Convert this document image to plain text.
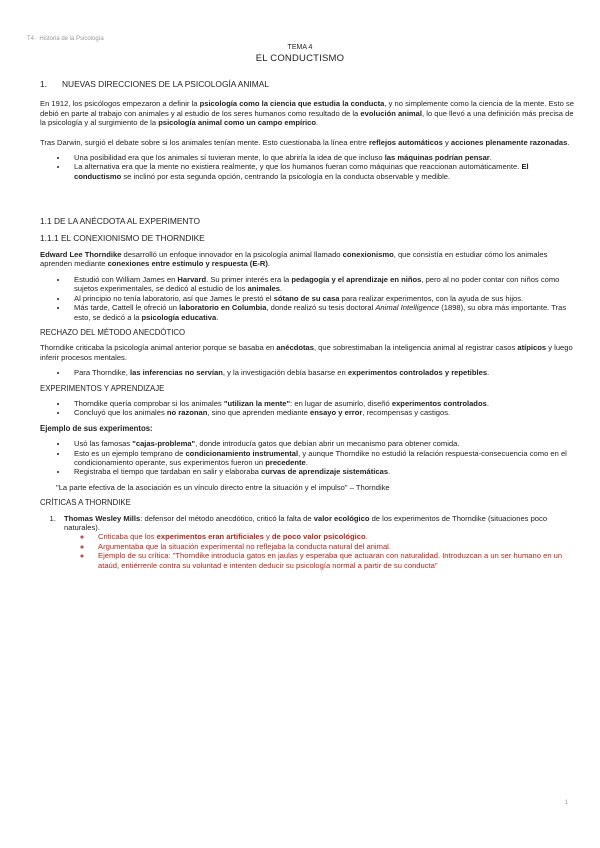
T4 · Historia de la Psicología
TEMA 4
EL CONDUCTISMO
1.	NUEVAS DIRECCIONES DE LA PSICOLOGÍA ANIMAL

En 1912, los psicólogos empezaron a definir la psicología como la ciencia que estudia la conducta, y no simplemente como la ciencia de la mente. Esto se debió en parte al trabajo con animales y al estudio de los seres humanos como resultado de la evolución animal, lo que llevó a una definición más precisa de la psicología y al surgimiento de la psicología animal como un campo empírico.

Tras Darwin, surgió el debate sobre si los animales tenían mente. Esto cuestionaba la línea entre reflejos automáticos y acciones plenamente razonadas.

• Una posibilidad era que los animales sí tuvieran mente, lo que abriría la idea de que incluso las máquinas podrían pensar.
• La alternativa era que la mente no existiera realmente, y que los humanos fueran como máquinas que reaccionan automáticamente. El conductismo se inclinó por esta segunda opción, centrando la psicología en la conducta observable y medible.
1.1 DE LA ANÉCDOTA AL EXPERIMENTO
1.1.1 EL CONEXIONISMO DE THORNDIKE

Edward Lee Thorndike desarrolló un enfoque innovador en la psicología animal llamado conexionismo, que consistía en estudiar cómo los animales aprenden mediante conexiones entre estímulo y respuesta (E-R).

• Estudió con William James en Harvard. Su primer interés era la pedagogía y el aprendizaje en niños, pero al no poder contar con niños como sujetos experimentales, se dedicó al estudio de los animales.
• Al principio no tenía laboratorio, así que James le prestó el sótano de su casa para realizar experimentos, con la ayuda de sus hijos.
• Más tarde, Cattell le ofreció un laboratorio en Columbia, donde realizó su tesis doctoral Animal Intelligence (1898), su obra más importante. Tras esto, se dedicó a la psicología educativa.
RECHAZO DEL MÉTODO ANECDÓTICO

Thorndike criticaba la psicología animal anterior porque se basaba en anécdotas, que sobrestimaban la inteligencia animal al registrar casos atípicos y luego inferir procesos mentales.

• Para Thorndike, las inferencias no servían, y la investigación debía basarse en experimentos controlados y repetibles.
EXPERIMENTOS Y APRENDIZAJE
• Thorndike quería comprobar si los animales "utilizan la mente": en lugar de asumirlo, diseñó experimentos controlados.
• Concluyó que los animales no razonan, sino que aprenden mediante ensayo y error, recompensas y castigos.
Ejemplo de sus experimentos:
• Usó las famosas "cajas-problema", donde introducía gatos que debían abrir un mecanismo para obtener comida.
• Esto es un ejemplo temprano de condicionamiento instrumental, y aunque Thorndike no estudió la relación respuesta-consecuencia como en el condicionamiento operante, sus experimentos fueron un precedente.
• Registraba el tiempo que tardaban en salir y elaboraba curvas de aprendizaje sistemáticas.
"La parte efectiva de la asociación es un vínculo directo entre la situación y el impulso" – Thorndike
CRÍTICAS A THORNDIKE
1. Thomas Wesley Mills: defensor del método anecdótico, criticó la falta de valor ecológico de los experimentos de Thorndike (situaciones poco naturales).
◦ Criticaba que los experimentos eran artificiales y de poco valor psicológico.
◦ Argumentaba que la situación experimental no reflejaba la conducta natural del animal.
◦ Ejemplo de su crítica: "Thorndike introducía gatos en jaulas y esperaba que actuaran con naturalidad. Introduzcan a un ser humano en un ataúd, entiérrenle contra su voluntad e intenten deducir su psicología normal a partir de su conducta"
1
